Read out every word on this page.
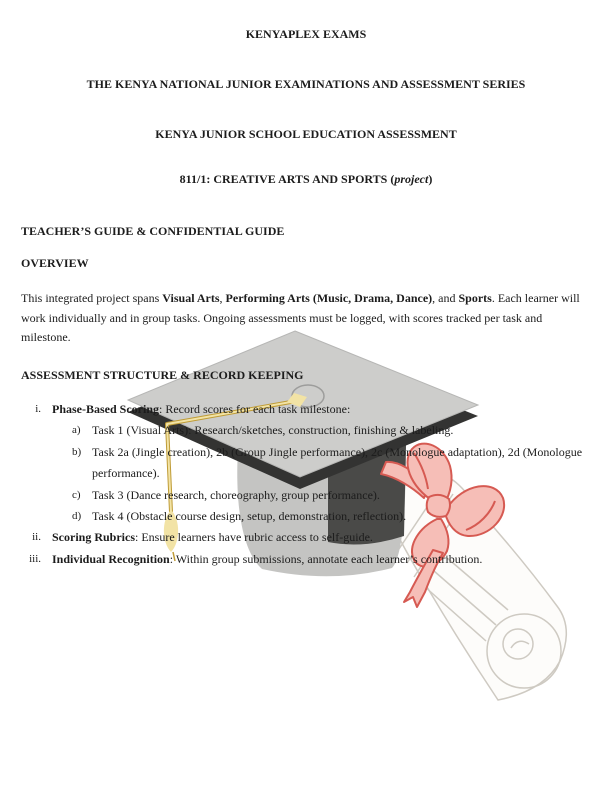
KENYAPLEX EXAMS
THE KENYA NATIONAL JUNIOR EXAMINATIONS AND ASSESSMENT SERIES
KENYA JUNIOR SCHOOL EDUCATION ASSESSMENT
811/1: CREATIVE ARTS AND SPORTS (project)
TEACHER’S GUIDE & CONFIDENTIAL GUIDE
OVERVIEW
This integrated project spans Visual Arts, Performing Arts (Music, Drama, Dance), and Sports. Each learner will work individually and in group tasks. Ongoing assessments must be logged, with scores tracked per task and milestone.
ASSESSMENT STRUCTURE & RECORD KEEPING
i. Phase-Based Scoring: Record scores for each task milestone:
a) Task 1 (Visual Arts): Research/sketches, construction, finishing & labeling.
b) Task 2a (Jingle creation), 2b (Group Jingle performance), 2c (Monologue adaptation), 2d (Monologue performance).
c) Task 3 (Dance research, choreography, group performance).
d) Task 4 (Obstacle course design, setup, demonstration, reflection).
ii. Scoring Rubrics: Ensure learners have rubric access to self-guide.
iii. Individual Recognition: Within group submissions, annotate each learner’s contribution.
